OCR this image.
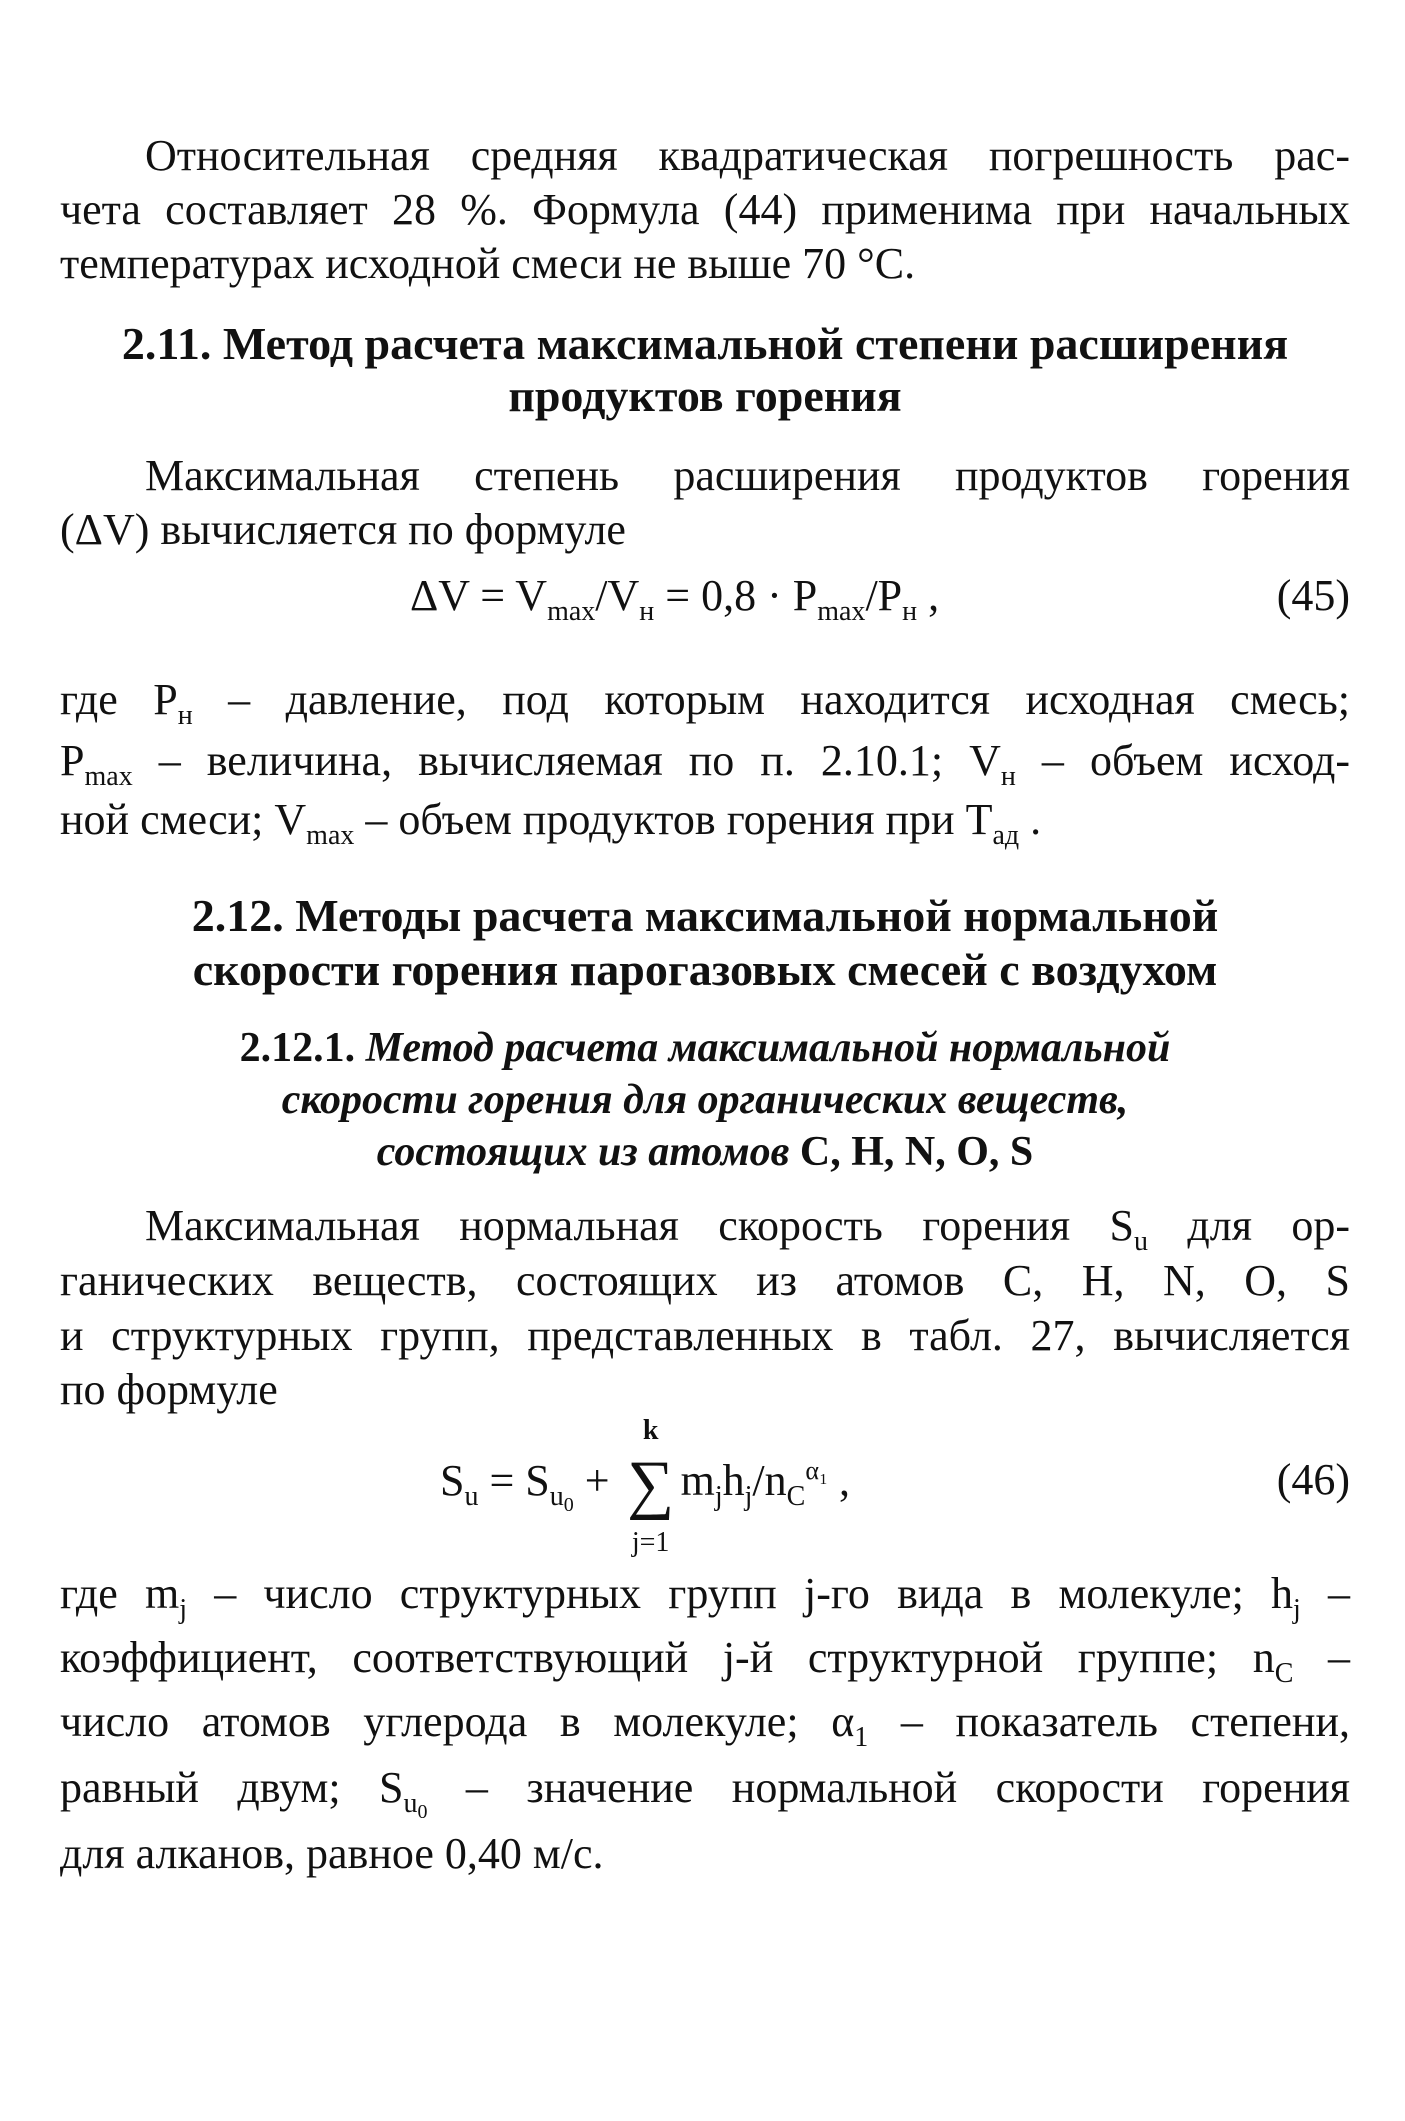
Относительная средняя квадратическая погрешность рас-
чета составляет 28 %. Формула (44) применима при начальных
температурах исходной смеси не выше 70 °C.
2.11. Метод расчета максимальной степени расширения
продуктов горения
Максимальная степень расширения продуктов горения
(ΔV) вычисляется по формуле
$\Delta V = V_{max}/V_н = 0,8 \cdot P_{max}/P_н$ ,	(45)
где $P_н$ – давление, под которым находится исходная смесь;
$P_{max}$ – величина, вычисляемая по п. 2.10.1; $V_н$ – объем исход-
ной смеси; $V_{max}$ – объем продуктов горения при $T_{ад}$ .
2.12. Методы расчета максимальной нормальной
скорости горения парогазовых смесей с воздухом
2.12.1. Метод расчета максимальной нормальной
скорости горения для органических веществ,
состоящих из атомов C, H, N, O, S
Максимальная нормальная скорость горения $S_u$ для ор-
ганических веществ, состоящих из атомов C, H, N, O, S
и структурных групп, представленных в табл. 27, вычисляется
по формуле
$S_u = S_{u_0}$ +
k
∑
j=1
$m_jh_j/n_C^{\alpha_1}$ ,	(46)
где $m_j$ – число структурных групп j-го вида в молекуле; $h_j$ –
коэффициент, соответствующий j-й структурной группе; $n_C$ –
число атомов углерода в молекуле; $\alpha_1$ – показатель степени,
равный двум; $S_{u_0}$ – значение нормальной скорости горения
для алканов, равное 0,40 м/с.
